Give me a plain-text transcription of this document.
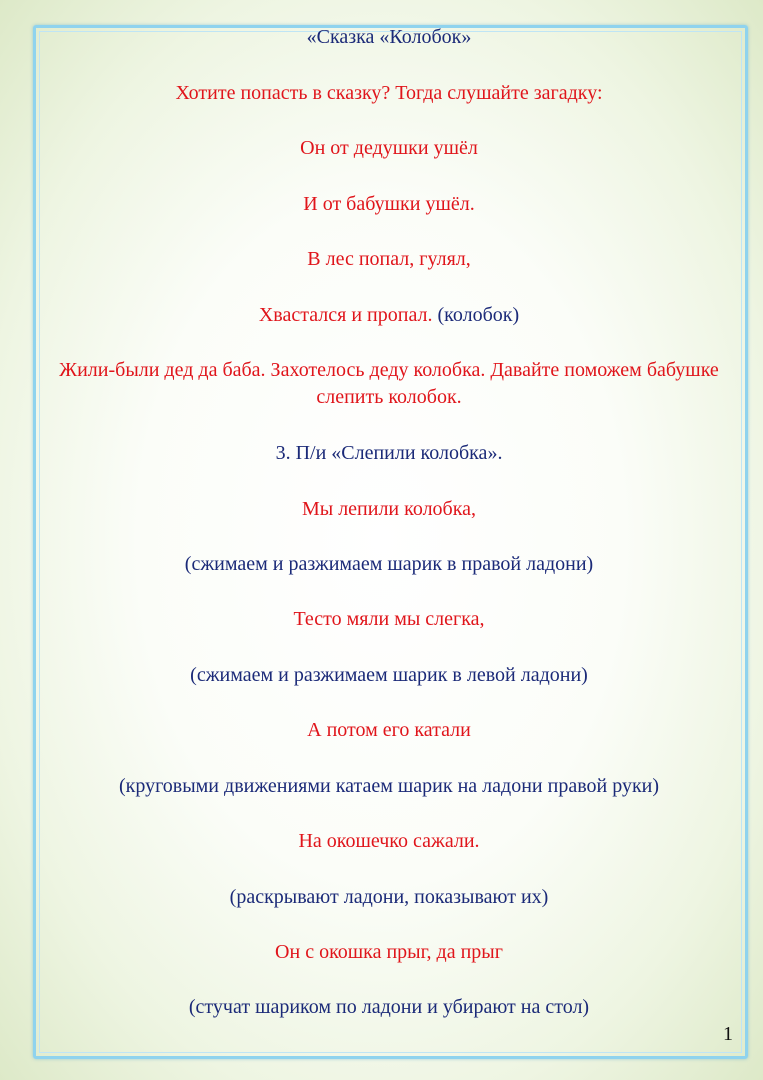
«Сказка «Колобок»
Хотите попасть в сказку? Тогда слушайте загадку:
Он от дедушки ушёл
И от бабушки ушёл.
В лес попал, гулял,
Хвастался и пропал. (колобок)
Жили-были дед да баба. Захотелось деду колобка. Давайте поможем бабушке слепить колобок.
3. П/и «Слепили колобка».
Мы лепили колобка,
(сжимаем и разжимаем шарик в правой ладони)
Тесто мяли мы слегка,
(сжимаем и разжимаем шарик в левой ладони)
А потом его катали
(круговыми движениями катаем шарик на ладони правой руки)
На окошечко сажали.
(раскрывают ладони, показывают их)
Он с окошка прыг, да прыг
(стучат шариком по ладони и убирают на стол)
1
